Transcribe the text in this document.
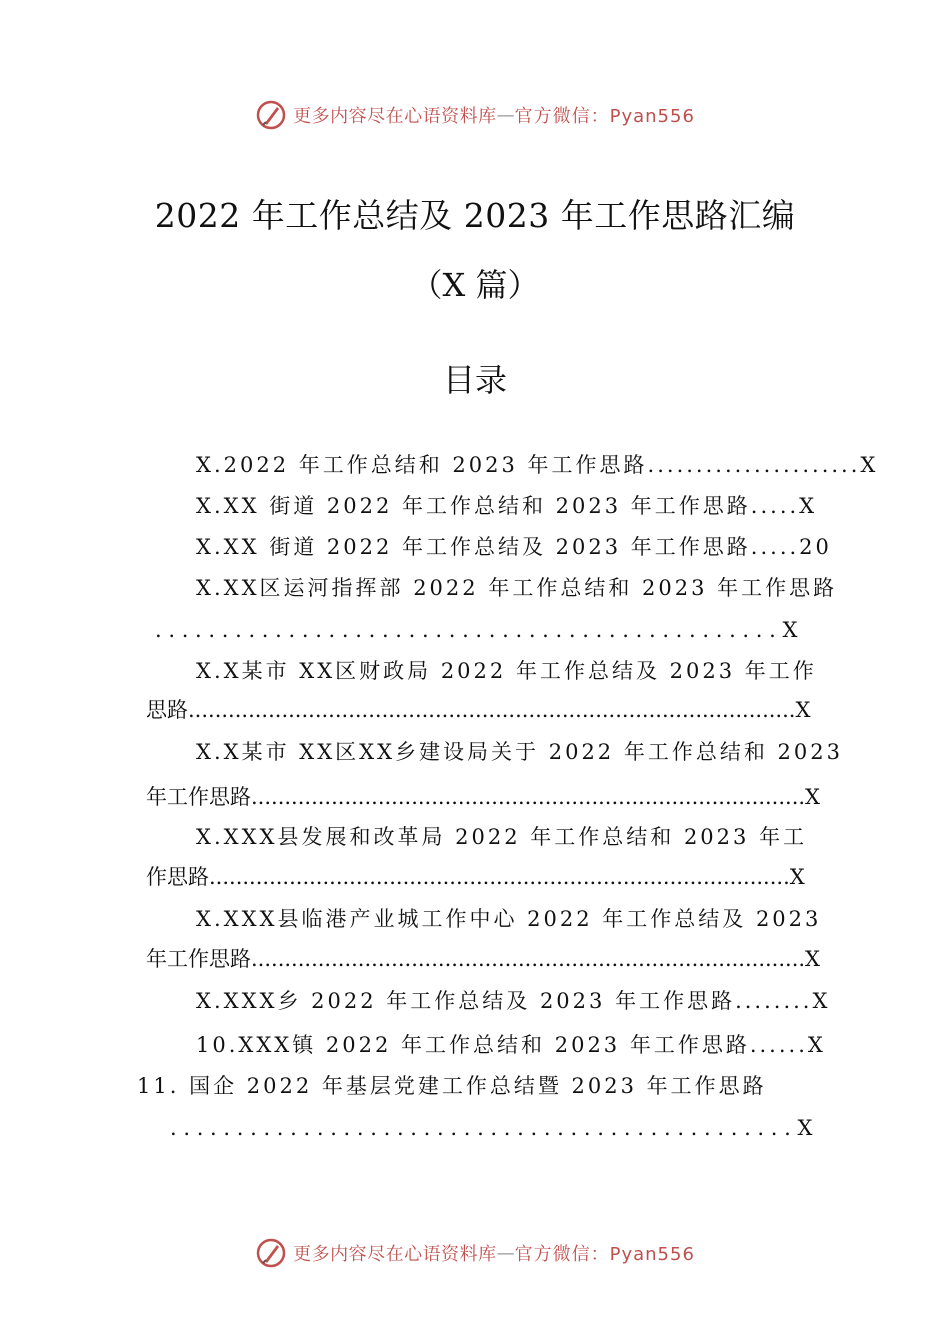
更多内容尽在心语资料库 — 官方微信：Pyan556
2022 年工作总结及 2023 年工作思路汇编
（X 篇）
目录
X.2022 年工作总结和 2023 年工作思路......................X
X.XX 街道 2022 年工作总结和 2023 年工作思路.....X
X.XX 街道 2022 年工作总结及 2023 年工作思路.....20
X.XX区运河指挥部 2022 年工作总结和 2023 年工作思路
. . . . . . . . . . . . . . . . . . . . . . . . . . . . . . . . . . . . . . . . . . . . . . . X
X.X某市 XX区财政局 2022 年工作总结及 2023 年工作
思路...........................................................................................X
X.X某市 XX区XX乡建设局关于 2022 年工作总结和 2023
年工作思路...................................................................................X
X.XXX县发展和改革局 2022 年工作总结和 2023 年工
作思路.......................................................................................X
X.XXX县临港产业城工作中心 2022 年工作总结及 2023
年工作思路...................................................................................X
X.XXX乡 2022 年工作总结及 2023 年工作思路........X
10.XXX镇 2022 年工作总结和 2023 年工作思路......X
11. 国企 2022 年基层党建工作总结暨 2023 年工作思路
. . . . . . . . . . . . . . . . . . . . . . . . . . . . . . . . . . . . . . . . . . . . . . . X
更多内容尽在心语资料库 — 官方微信：Pyan556
